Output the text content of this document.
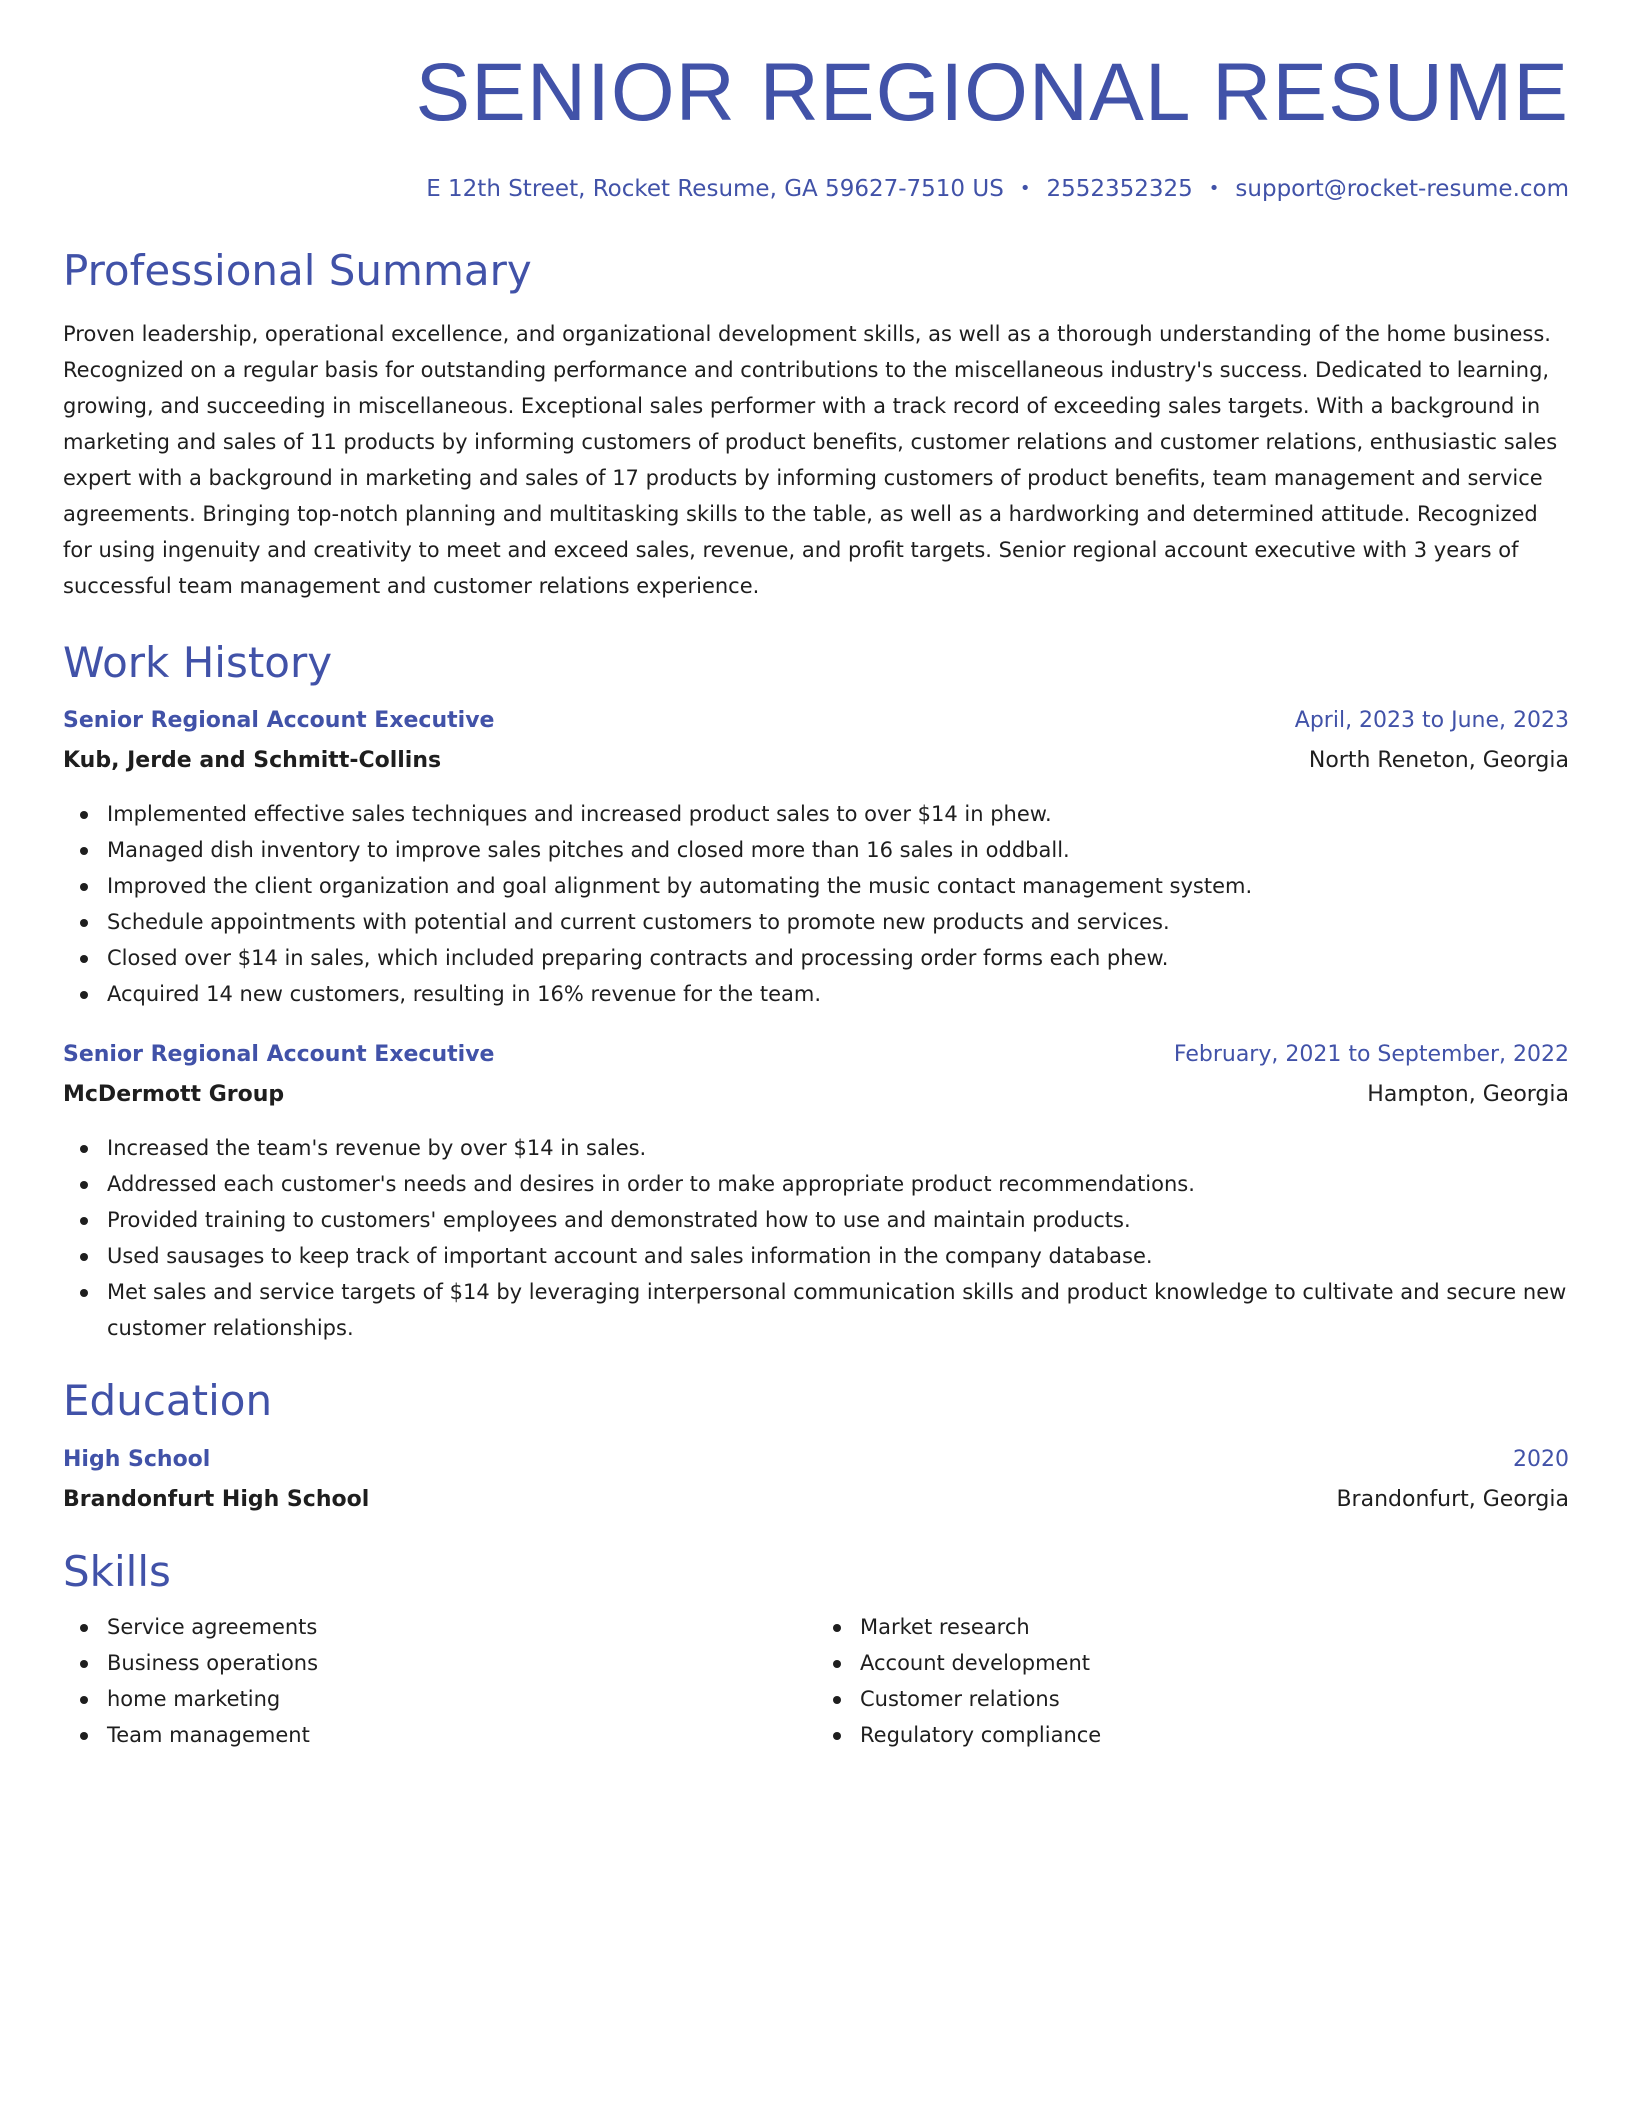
SENIOR REGIONAL RESUME
E 12th Street, Rocket Resume, GA 59627-7510 US • 2552352325 • support@rocket-resume.com
Professional Summary
Proven leadership, operational excellence, and organizational development skills, as well as a thorough understanding of the home business. Recognized on a regular basis for outstanding performance and contributions to the miscellaneous industry's success. Dedicated to learning, growing, and succeeding in miscellaneous. Exceptional sales performer with a track record of exceeding sales targets. With a background in marketing and sales of 11 products by informing customers of product benefits, customer relations and customer relations, enthusiastic sales expert with a background in marketing and sales of 17 products by informing customers of product benefits, team management and service agreements. Bringing top-notch planning and multitasking skills to the table, as well as a hardworking and determined attitude. Recognized for using ingenuity and creativity to meet and exceed sales, revenue, and profit targets. Senior regional account executive with 3 years of successful team management and customer relations experience.
Work History
Senior Regional Account Executive	April, 2023 to June, 2023
Kub, Jerde and Schmitt-Collins	North Reneton, Georgia
Implemented effective sales techniques and increased product sales to over $14 in phew.
Managed dish inventory to improve sales pitches and closed more than 16 sales in oddball.
Improved the client organization and goal alignment by automating the music contact management system.
Schedule appointments with potential and current customers to promote new products and services.
Closed over $14 in sales, which included preparing contracts and processing order forms each phew.
Acquired 14 new customers, resulting in 16% revenue for the team.
Senior Regional Account Executive	February, 2021 to September, 2022
McDermott Group	Hampton, Georgia
Increased the team's revenue by over $14 in sales.
Addressed each customer's needs and desires in order to make appropriate product recommendations.
Provided training to customers' employees and demonstrated how to use and maintain products.
Used sausages to keep track of important account and sales information in the company database.
Met sales and service targets of $14 by leveraging interpersonal communication skills and product knowledge to cultivate and secure new customer relationships.
Education
High School	2020
Brandonfurt High School	Brandonfurt, Georgia
Skills
Service agreements
Business operations
home marketing
Team management
Market research
Account development
Customer relations
Regulatory compliance
